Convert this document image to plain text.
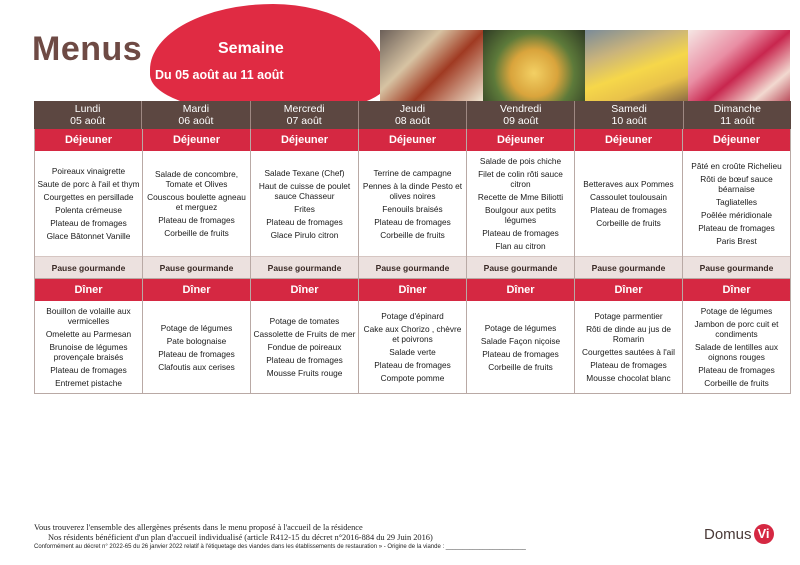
Menus	Semaine
Du 05 août au 11 août
Lundi
05 août
Mardi
06 août
Mercredi
07 août
Jeudi
08 août
Vendredi
09 août
Samedi
10 août
Dimanche
11 août
Déjeuner
Poireaux vinaigrette
Saute de porc à l'ail et thym
Courgettes en persillade
Polenta crémeuse
Plateau de fromages
Glace Bâtonnet Vanille
Pause gourmande
Déjeuner
Salade de concombre, Tomate et Olives
Couscous boulette agneau et merguez
Plateau de fromages
Corbeille de fruits
Pause gourmande
Déjeuner
Salade Texane (Chef)
Haut de cuisse de poulet sauce Chasseur
Frites
Plateau de fromages
Glace Pirulo citron
Pause gourmande
Déjeuner
Terrine de campagne
Pennes à la dinde Pesto et olives noires
Fenouils braisés
Plateau de fromages
Corbeille de fruits
Pause gourmande
Déjeuner
Salade de pois chiche
Filet de colin rôti sauce citron
Recette de Mme Biliotti
Boulgour aux petits légumes
Plateau de fromages
Flan au citron
Pause gourmande
Déjeuner
Betteraves aux Pommes
Cassoulet toulousain
Plateau de fromages
Corbeille de fruits
Pause gourmande
Déjeuner
Pâté en croûte Richelieu
Rôti de bœuf sauce béarnaise
Tagliatelles
Poêlée méridionale
Plateau de fromages
Paris Brest
Pause gourmande
Dîner
Bouillon de volaille aux vermicelles
Omelette au Parmesan
Brunoise de légumes provençale braisés
Plateau de fromages
Entremet pistache
Dîner
Potage de légumes
Pate bolognaise
Plateau de fromages
Clafoutis aux cerises
Dîner
Potage de tomates
Cassolette de Fruits de mer
Fondue de poireaux
Plateau de fromages
Mousse Fruits rouge
Dîner
Potage d'épinard
Cake aux Chorizo , chèvre et poivrons
Salade verte
Plateau de fromages
Compote pomme
Dîner
Potage de légumes
Salade Façon niçoise
Plateau de fromages
Corbeille de fruits
Dîner
Potage parmentier
Rôti de dinde au jus de Romarin
Courgettes sautées à l'ail
Plateau de fromages
Mousse chocolat blanc
Dîner
Potage de légumes
Jambon de porc cuit et condiments
Salade de lentilles aux oignons rouges
Plateau de fromages
Corbeille de fruits
Vous trouverez l'ensemble des allergènes présents dans le menu proposé à l'accueil de la résidence
Nos résidents bénéficient d'un plan d'accueil individualisé (article R412-15 du décret n°2016-884 du 29 Juin 2016)
Conformément au décret n° 2022-65 du 26 janvier 2022 relatif à l'étiquetage des viandes dans les établissements de restauration » - Origine de la viande : ________________________
Domus Vi
